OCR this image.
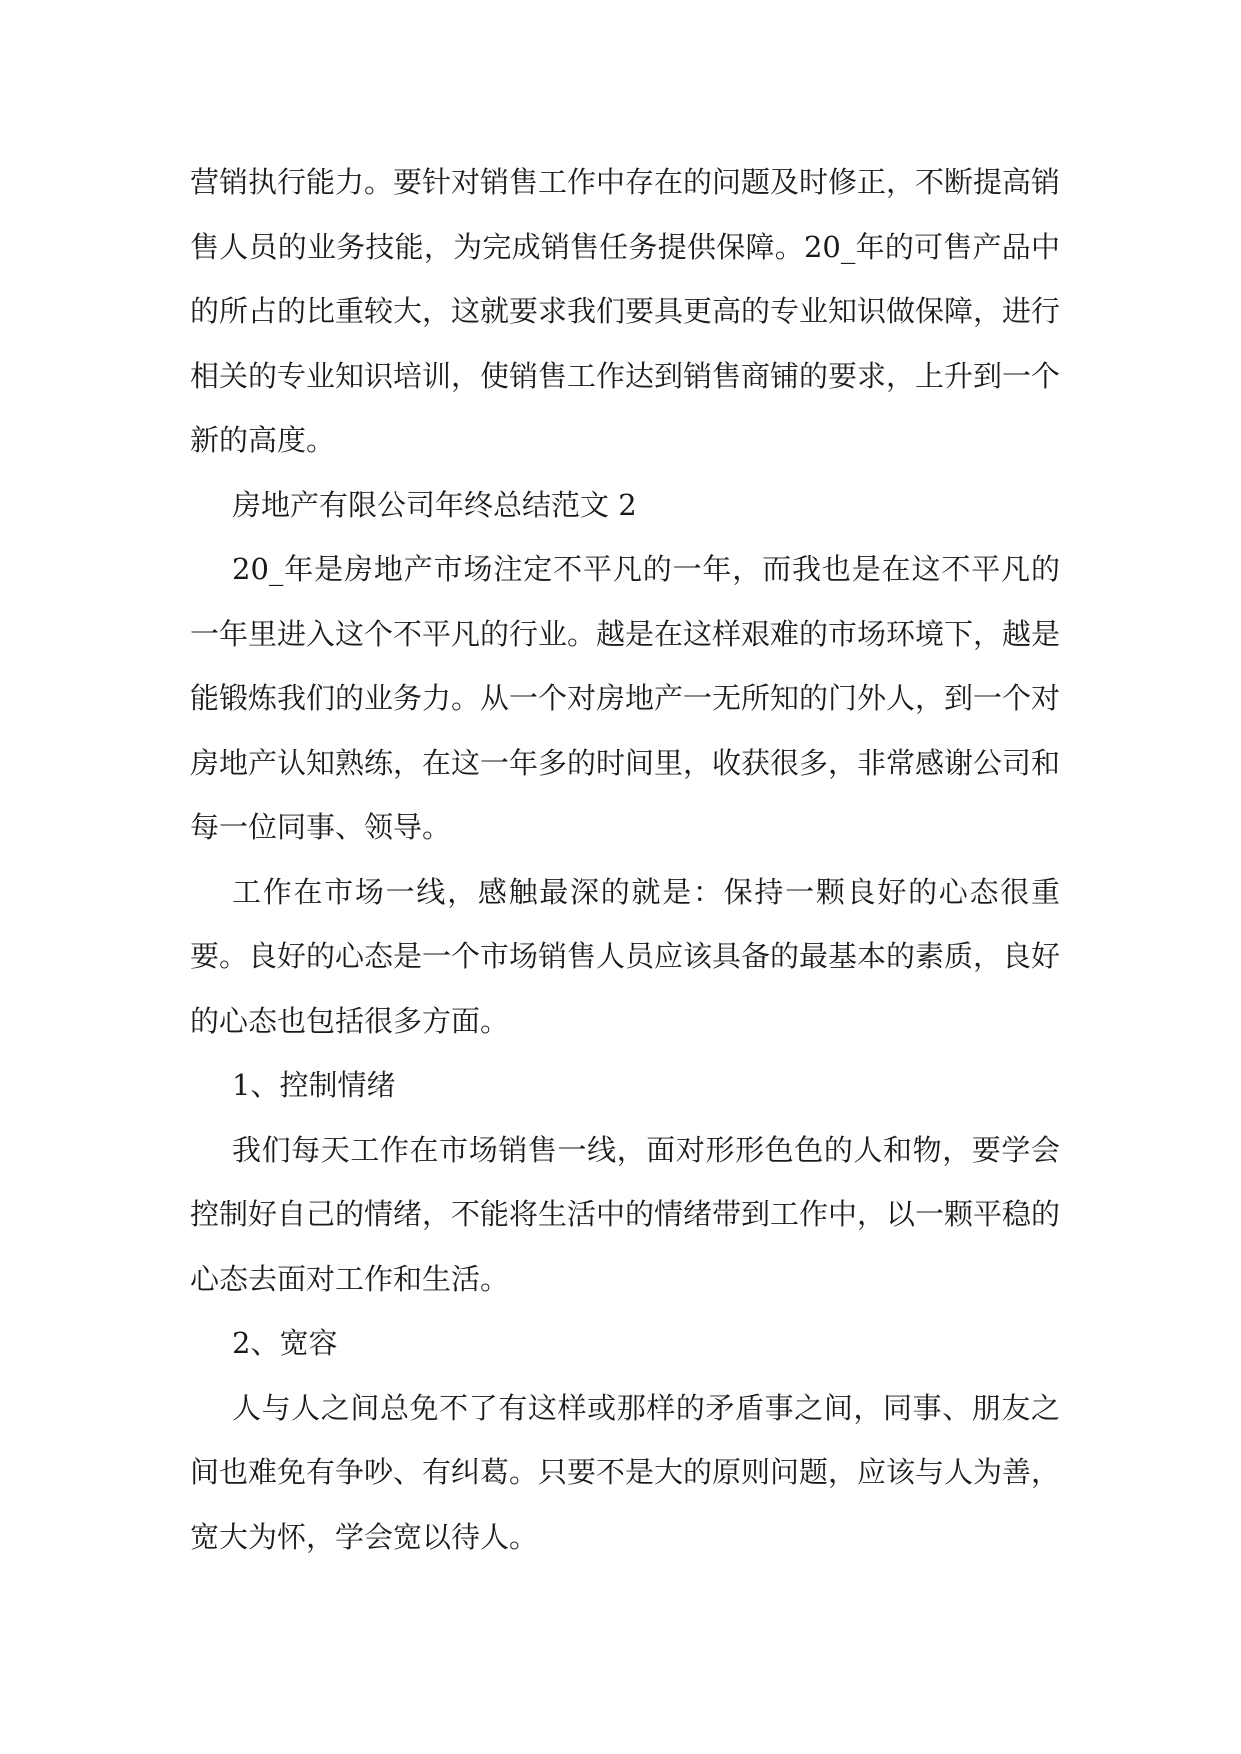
营销执行能力。要针对销售工作中存在的问题及时修正，不断提高销售人员的业务技能，为完成销售任务提供保障。20_年的可售产品中的所占的比重较大，这就要求我们要具更高的专业知识做保障，进行相关的专业知识培训，使销售工作达到销售商铺的要求，上升到一个新的高度。

房地产有限公司年终总结范文 2

20_年是房地产市场注定不平凡的一年，而我也是在这不平凡的一年里进入这个不平凡的行业。越是在这样艰难的市场环境下，越是能锻炼我们的业务力。从一个对房地产一无所知的门外人，到一个对房地产认知熟练，在这一年多的时间里，收获很多，非常感谢公司和每一位同事、领导。

工作在市场一线，感触最深的就是：保持一颗良好的心态很重要。良好的心态是一个市场销售人员应该具备的最基本的素质，良好的心态也包括很多方面。

1、控制情绪

我们每天工作在市场销售一线，面对形形色色的人和物，要学会控制好自己的情绪，不能将生活中的情绪带到工作中，以一颗平稳的心态去面对工作和生活。

2、宽容

人与人之间总免不了有这样或那样的矛盾事之间，同事、朋友之间也难免有争吵、有纠葛。只要不是大的原则问题，应该与人为善，宽大为怀，学会宽以待人。
